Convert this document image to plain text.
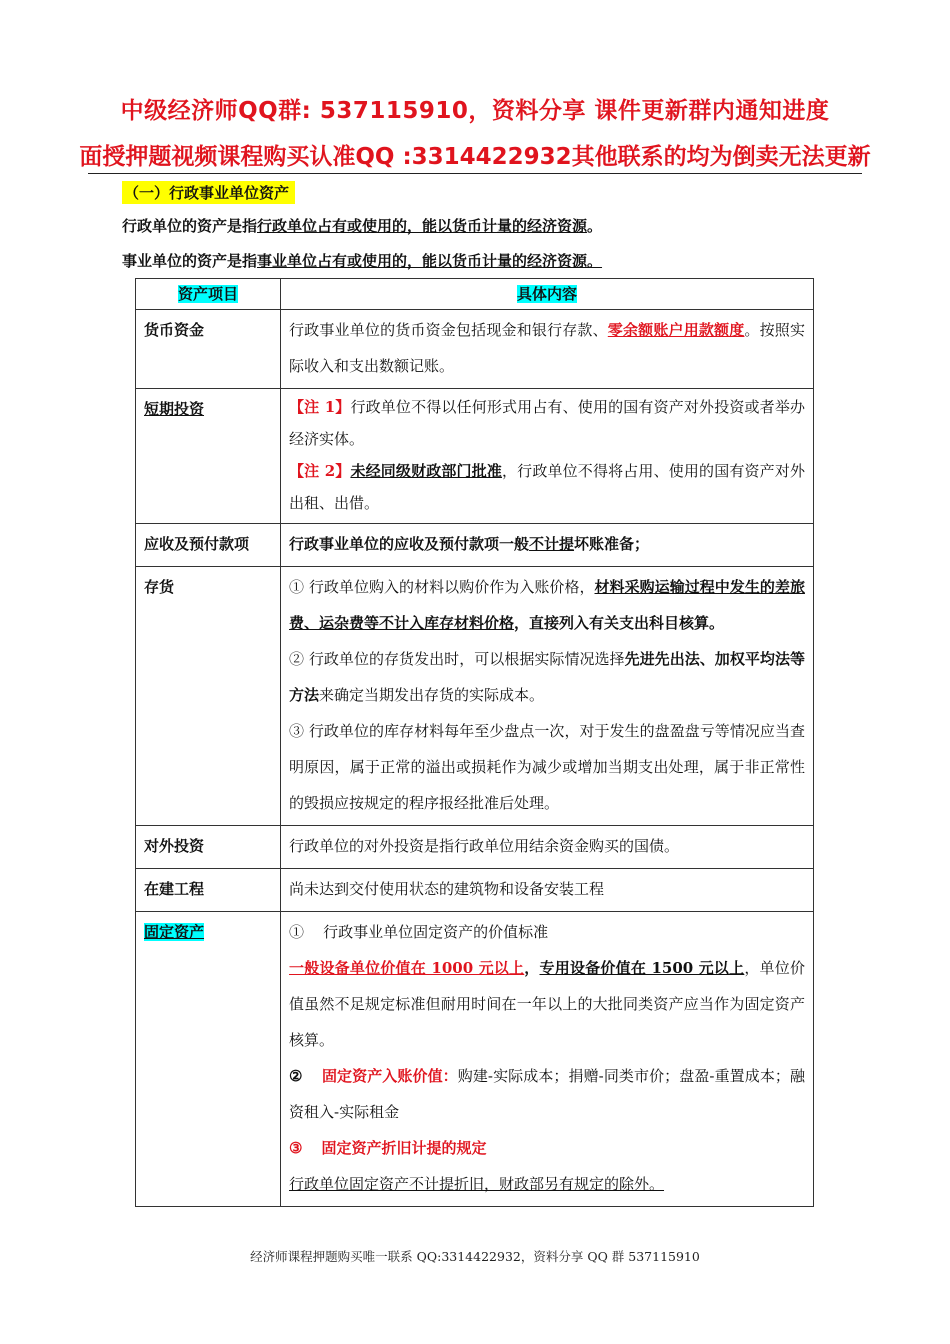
中级经济师QQ群: 537115910，资料分享 课件更新群内通知进度
面授押题视频课程购买认准QQ :3314422932其他联系的均为倒卖无法更新
（一）行政事业单位资产
行政单位的资产是指行政单位占有或使用的，能以货币计量的经济资源。
事业单位的资产是指事业单位占有或使用的，能以货币计量的经济资源。
资产项目	具体内容
货币资金	行政事业单位的货币资金包括现金和银行存款、零余额账户用款额度。按照实际收入和支出数额记账。
短期投资	【注 1】行政单位不得以任何形式用占有、使用的国有资产对外投资或者举办经济实体。
【注 2】未经同级财政部门批准，行政单位不得将占用、使用的国有资产对外出租、出借。

应收及预付款项	行政事业单位的应收及预付款项一般不计提坏账准备；
存货	① 行政单位购入的材料以购价作为入账价格，材料采购运输过程中发生的差旅费、运杂费等不计入库存材料价格，直接列入有关支出科目核算。
② 行政单位的存货发出时，可以根据实际情况选择先进先出法、加权平均法等方法来确定当期发出存货的实际成本。
③ 行政单位的库存材料每年至少盘点一次，对于发生的盘盈盘亏等情况应当查明原因，属于正常的溢出或损耗作为减少或增加当期支出处理，属于非正常性的毁损应按规定的程序报经批准后处理。

对外投资	行政单位的对外投资是指行政单位用结余资金购买的国债。
在建工程	尚未达到交付使用状态的建筑物和设备安装工程
固定资产	① 行政事业单位固定资产的价值标准
一般设备单位价值在 1000 元以上，专用设备价值在 1500 元以上，单位价值虽然不足规定标准但耐用时间在一年以上的大批同类资产应当作为固定资产核算。
② 固定资产入账价值：购建-实际成本；捐赠-同类市价；盘盈-重置成本；融资租入-实际租金
③ 固定资产折旧计提的规定
行政单位固定资产不计提折旧，财政部另有规定的除外。
经济师课程押题购买唯一联系 QQ:3314422932，资料分享 QQ 群 537115910
